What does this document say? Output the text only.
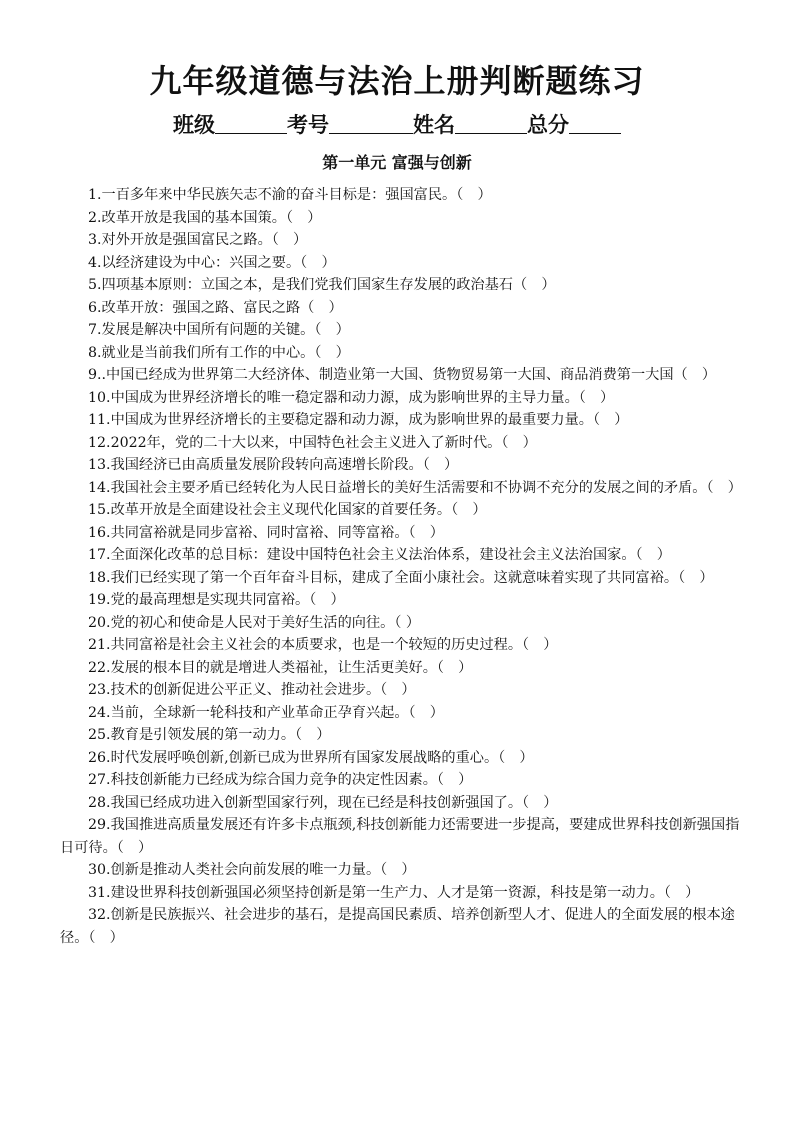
九年级道德与法治上册判断题练习
班级	考号	姓名	总分
第一单元 富强与创新

1.一百多年来中华民族矢志不渝的奋斗目标是：强国富民。（　）

2.改革开放是我国的基本国策。（　）

3.对外开放是强国富民之路。（　）

4.以经济建设为中心：兴国之要。（　）

5.四项基本原则：立国之本，是我们党我们国家生存发展的政治基石（　）

6.改革开放：强国之路、富民之路（　）

7.发展是解决中国所有问题的关键。（　）

8.就业是当前我们所有工作的中心。（　）

9..中国已经成为世界第二大经济体、制造业第一大国、货物贸易第一大国、商品消费第一大国（　）

10.中国成为世界经济增长的唯一稳定器和动力源，成为影响世界的主导力量。（　）

11.中国成为世界经济增长的主要稳定器和动力源，成为影响世界的最重要力量。（　）

12.2022年，党的二十大以来，中国特色社会主义进入了新时代。（　）

13.我国经济已由高质量发展阶段转向高速增长阶段。（　）

14.我国社会主要矛盾已经转化为人民日益增长的美好生活需要和不协调不充分的发展之间的矛盾。（　）

15.改革开放是全面建设社会主义现代化国家的首要任务。（　）

16.共同富裕就是同步富裕、同时富裕、同等富裕。（　）

17.全面深化改革的总目标：建设中国特色社会主义法治体系，建设社会主义法治国家。（　）

18.我们已经实现了第一个百年奋斗目标，建成了全面小康社会。这就意味着实现了共同富裕。（　）

19.党的最高理想是实现共同富裕。（　）

20.党的初心和使命是人民对于美好生活的向往。（ ）

21.共同富裕是社会主义社会的本质要求，也是一个较短的历史过程。（　）

22.发展的根本目的就是增进人类福祉，让生活更美好。（　）

23.技术的创新促进公平正义、推动社会进步。（　）

24.当前，全球新一轮科技和产业革命正孕育兴起。（　）

25.教育是引领发展的第一动力。（　）

26.时代发展呼唤创新,创新已成为世界所有国家发展战略的重心。（　）

27.科技创新能力已经成为综合国力竞争的决定性因素。（　）

28.我国已经成功进入创新型国家行列，现在已经是科技创新强国了。（　）

29.我国推进高质量发展还有许多卡点瓶颈,科技创新能力还需要进一步提高，要建成世界科技创新强国指日可待。（　）

30.创新是推动人类社会向前发展的唯一力量。（　）

31.建设世界科技创新强国必须坚持创新是第一生产力、人才是第一资源，科技是第一动力。（　）

32.创新是民族振兴、社会进步的基石，是提高国民素质、培养创新型人才、促进人的全面发展的根本途径。（　）
